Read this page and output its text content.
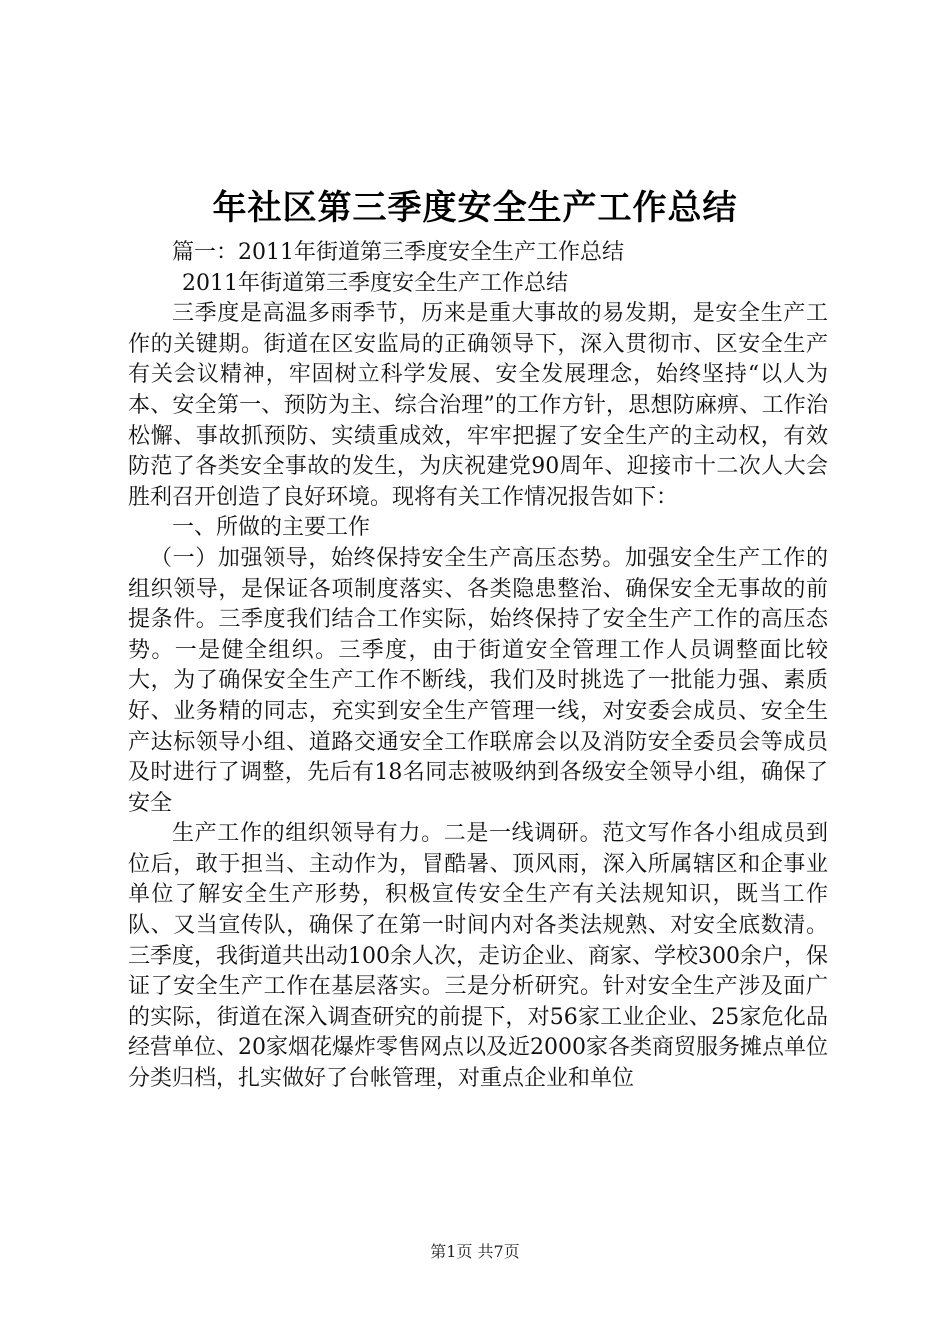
年社区第三季度安全生产工作总结

篇一：2011年街道第三季度安全生产工作总结

2011年街道第三季度安全生产工作总结

三季度是高温多雨季节，历来是重大事故的易发期，是安全生产工作的关键期。街道在区安监局的正确领导下，深入贯彻市、区安全生产有关会议精神，牢固树立科学发展、安全发展理念，始终坚持“以人为本、安全第一、预防为主、综合治理”的工作方针，思想防麻痹、工作治松懈、事故抓预防、实绩重成效，牢牢把握了安全生产的主动权，有效防范了各类安全事故的发生，为庆祝建党90周年、迎接市十二次人大会胜利召开创造了良好环境。现将有关工作情况报告如下：

一、所做的主要工作

（一）加强领导，始终保持安全生产高压态势。加强安全生产工作的组织领导，是保证各项制度落实、各类隐患整治、确保安全无事故的前提条件。三季度我们结合工作实际，始终保持了安全生产工作的高压态势。一是健全组织。三季度，由于街道安全管理工作人员调整面比较大，为了确保安全生产工作不断线，我们及时挑选了一批能力强、素质好、业务精的同志，充实到安全生产管理一线，对安委会成员、安全生产达标领导小组、道路交通安全工作联席会以及消防安全委员会等成员及时进行了调整，先后有18名同志被吸纳到各级安全领导小组，确保了安全

生产工作的组织领导有力。二是一线调研。范文写作各小组成员到位后，敢于担当、主动作为，冒酷暑、顶风雨，深入所属辖区和企事业单位了解安全生产形势，积极宣传安全生产有关法规知识，既当工作队、又当宣传队，确保了在第一时间内对各类法规熟、对安全底数清。三季度，我街道共出动100余人次，走访企业、商家、学校300余户，保证了安全生产工作在基层落实。三是分析研究。针对安全生产涉及面广的实际，街道在深入调查研究的前提下，对56家工业企业、25家危化品经营单位、20家烟花爆炸零售网点以及近2000家各类商贸服务摊点单位分类归档，扎实做好了台帐管理，对重点企业和单位

第1页 共7页
